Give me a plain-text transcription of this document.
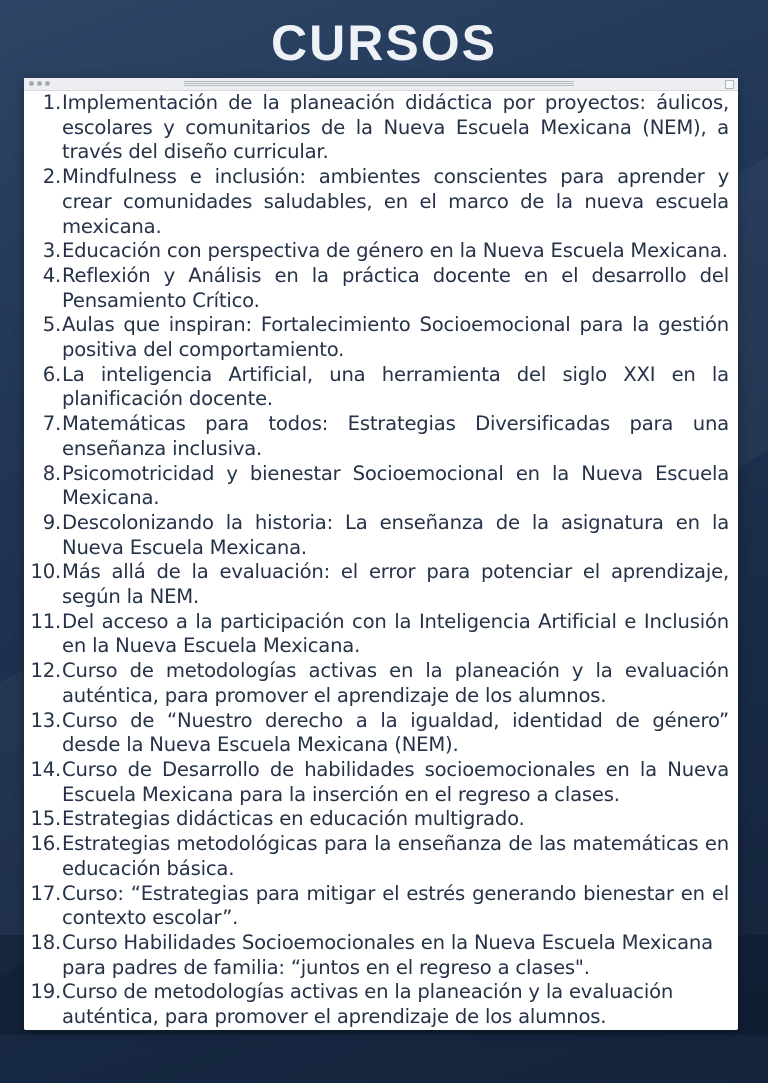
CURSOS
1. Implementación de la planeación didáctica por proyectos: áulicos, escolares y comunitarios de la Nueva Escuela Mexicana (NEM), a través del diseño curricular.
2. Mindfulness e inclusión: ambientes conscientes para aprender y crear comunidades saludables, en el marco de la nueva escuela mexicana.
3. Educación con perspectiva de género en la Nueva Escuela Mexicana.
4. Reflexión y Análisis en la práctica docente en el desarrollo del Pensamiento Crítico.
5. Aulas que inspiran: Fortalecimiento Socioemocional para la gestión positiva del comportamiento.
6. La inteligencia Artificial, una herramienta del siglo XXI en la planificación docente.
7. Matemáticas para todos: Estrategias Diversificadas para una enseñanza inclusiva.
8. Psicomotricidad y bienestar Socioemocional en la Nueva Escuela Mexicana.
9. Descolonizando la historia: La enseñanza de la asignatura en la Nueva Escuela Mexicana.
10. Más allá de la evaluación: el error para potenciar el aprendizaje, según la NEM.
11. Del acceso a la participación con la Inteligencia Artificial e Inclusión en la Nueva Escuela Mexicana.
12. Curso de metodologías activas en la planeación y la evaluación auténtica, para promover el aprendizaje de los alumnos.
13. Curso de “Nuestro derecho a la igualdad, identidad de género” desde la Nueva Escuela Mexicana (NEM).
14. Curso de Desarrollo de habilidades socioemocionales en la Nueva Escuela Mexicana para la inserción en el regreso a clases.
15. Estrategias didácticas en educación multigrado.
16. Estrategias metodológicas para la enseñanza de las matemáticas en educación básica.
17. Curso: “Estrategias para mitigar el estrés generando bienestar en el contexto escolar”.
18. Curso Habilidades Socioemocionales en la Nueva Escuela Mexicana para padres de familia: “juntos en el regreso a clases".
19. Curso de metodologías activas en la planeación y la evaluación auténtica, para promover el aprendizaje de los alumnos.
